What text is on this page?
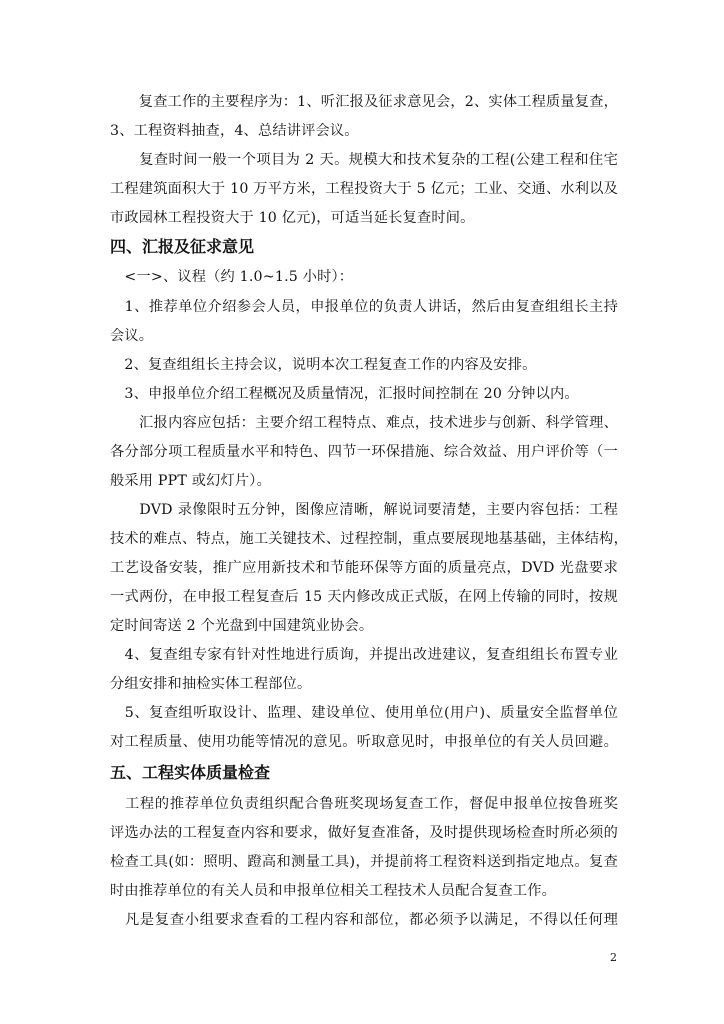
　　复查工作的主要程序为：1、听汇报及征求意见会，2、实体工程质量复查，
3、工程资料抽查，4、总结讲评会议。
　　复查时间一般一个项目为 2 天。规模大和技术复杂的工程(公建工程和住宅
工程建筑面积大于 10 万平方米，工程投资大于 5 亿元；工业、交通、水利以及
市政园林工程投资大于 10 亿元)，可适当延长复查时间。
四、汇报及征求意见
　<一>、议程（约 1.0~1.5 小时）：
　1、推荐单位介绍参会人员，申报单位的负责人讲话，然后由复查组组长主持
会议。
　2、复查组组长主持会议，说明本次工程复查工作的内容及安排。
　3、申报单位介绍工程概况及质量情况，汇报时间控制在 20 分钟以内。
　　汇报内容应包括：主要介绍工程特点、难点，技术进步与创新、科学管理、
各分部分项工程质量水平和特色、四节一环保措施、综合效益、用户评价等（一
般采用 PPT 或幻灯片）。
　　DVD 录像限时五分钟，图像应清晰，解说词要清楚，主要内容包括：工程
技术的难点、特点，施工关键技术、过程控制，重点要展现地基基础，主体结构，
工艺设备安装，推广应用新技术和节能环保等方面的质量亮点，DVD 光盘要求
一式两份，在申报工程复查后 15 天内修改成正式版，在网上传输的同时，按规
定时间寄送 2 个光盘到中国建筑业协会。
　4、复查组专家有针对性地进行质询，并提出改进建议，复查组组长布置专业
分组安排和抽检实体工程部位。
　5、复查组听取设计、监理、建设单位、使用单位(用户)、质量安全监督单位
对工程质量、使用功能等情况的意见。听取意见时，申报单位的有关人员回避。
五、工程实体质量检查
　工程的推荐单位负责组织配合鲁班奖现场复查工作，督促申报单位按鲁班奖
评选办法的工程复查内容和要求，做好复查准备，及时提供现场检查时所必须的
检查工具(如：照明、蹬高和测量工具)，并提前将工程资料送到指定地点。复查
时由推荐单位的有关人员和申报单位相关工程技术人员配合复查工作。
　凡是复查小组要求查看的工程内容和部位，都必须予以满足，不得以任何理
2
